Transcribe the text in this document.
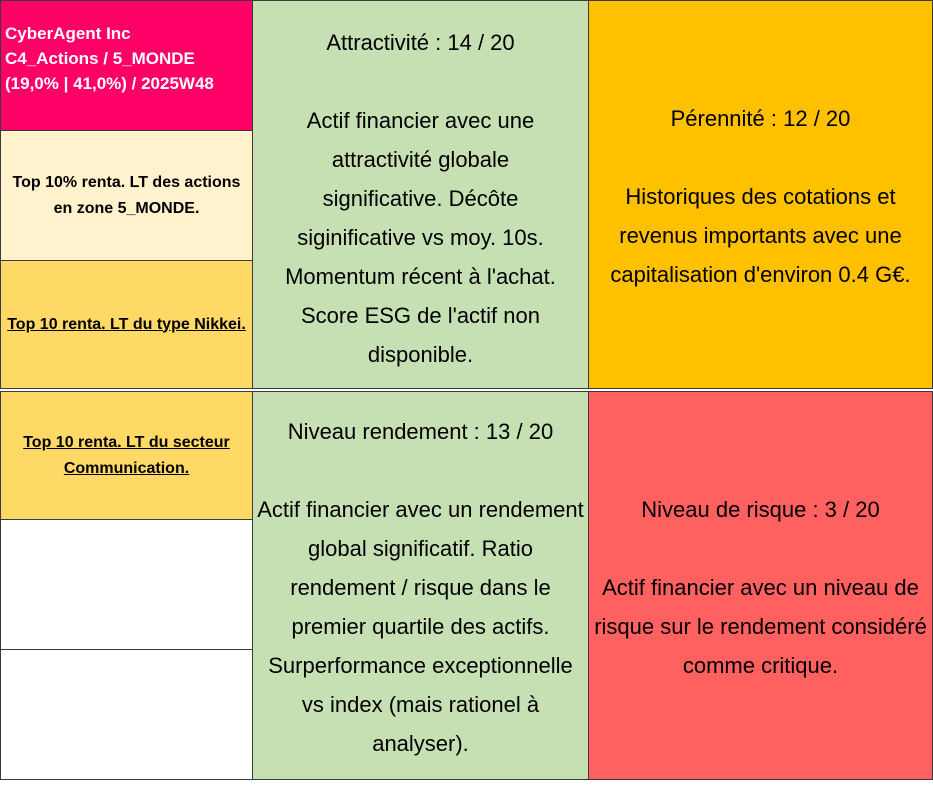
CyberAgent Inc
C4_Actions / 5_MONDE
(19,0% | 41,0%) / 2025W48
Top 10% renta. LT des actions en zone 5_MONDE.
Top 10 renta. LT du type Nikkei.
Top 10 renta. LT du secteur Communication.
Attractivité : 14 / 20
Actif financier avec une attractivité globale significative. Décôte siginificative vs moy. 10s. Momentum récent à l'achat. Score ESG de l'actif non disponible.
Niveau rendement : 13 / 20
Actif financier avec un rendement global significatif. Ratio rendement / risque dans le premier quartile des actifs. Surperformance exceptionnelle vs index (mais rationel à analyser).
Pérennité : 12 / 20
Historiques des cotations et revenus importants avec une capitalisation d'environ 0.4 G€.
Niveau de risque : 3 / 20
Actif financier avec un niveau de risque sur le rendement considéré comme critique.
